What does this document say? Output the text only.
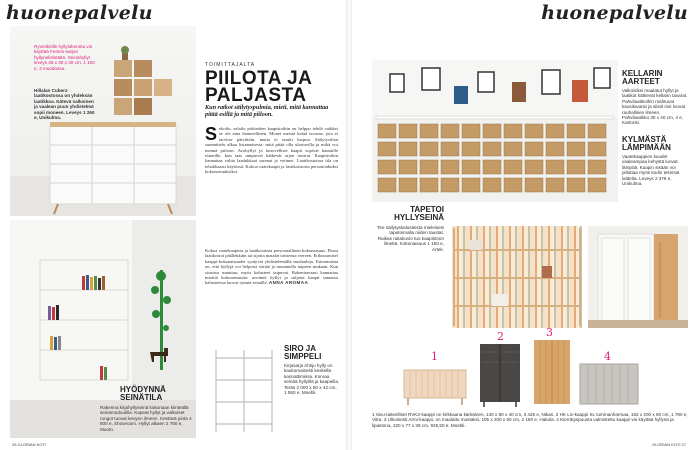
huonepalvelu	huonepalvelu
Ryvetiköille hyllylokeroita voi käyttää Femes-sarjan hyllyneliöistään. Seinähyllyt leveys 45 x 30 x 30 cm, 1 100 e, 3 muodossa.
Hillalan Cuberz-laatikostossa on yhdeksän laatikkoa. Kätevä valkoinen ja vaalean puun yhdistelmä sopii moneen. Leveys 1 260 e, Unikulma.
HYÖDYNNÄ SEINÄTILA
Rakenna kirjahyllyseinä kokonaan kiinteällä seinämoduulilla. Kapeat hyllyt ja valkoiset rungot tuovat kevyen ilmeen. Kestävä pinta 4 600 e, Showroom. Hyllyt alkaen 2 780 e, Muoto.
TOIMITTAJALTA
PIILOTA JA
PALJASTA
Kun ratkot säilytyspulmia, mieti, mitä kannattaa pitää esillä ja mitä piiloon.
Sekoilu, selailu pöitteiden kaapistoihin on helppo tehdä vaikkei se ole aina ihanteellinen. Monet meistä kerää tavaraa, jota ei tarvitse päivittäin, mutta ei raaski luopua. Säilytystilan suunnittelu alkaa listaamisesta: mitä pitää olla ulottuvilla ja mikä voi mennä piiloon. Avohyllyt ja lasiovelliset kaapit sopivat kauniille esineille, kun taas umpiovet kätkevät arjen tavarat. Kaapistoihin kannattaa valita laadukkaat saranat ja vetimet. Laatikostoissa tila on tehokkaasti käytössä. Kokoa vaatekaapit ja lastikoistosta personoiduiksi kokonaisuuksiksi.
Kokoa vaatekaapista ja laatikostosta persoonallinen kokonaisuus. Pinoa laatikostot päällekkäin tai sijoita matalat toistensa viereen. Eriksuuruiset kaappi-kokonaisuudet syntyvät yhdistelemällä moduuleja. Erinomaista on, että hyllyjä voi helposti siirtää ja muunnella tarpeen mukaan. Kun sisustus muuttuu, myös kalusteet taipuvat. Rakentaessasi kannattaa miettiä kokonaisuutta: avoimet hyllyt ja suljetut kaapit samassa kalusteessa luovat rytmiä seinälle. ANNA AROMAA
SIRO JA SIMPPELI
Kirjasarja Ahtiju hylly on kaukomaisesti keskellä kannattimissa. Korvaa seinää hyllyillä ja kaapeilla. Teräs 2 000 x 50 x 42 cm, 1 550 e, Moebli.
26 GLORIAN KOTI
KELLARIN AARTEET
Valkoisiksi maalatut hyllyt ja laatikot kätkevät kellarin tavarat. Pahvilaatikoihin mahtuvat kausitavarat ja siistit rivit luovat rauhallisen ilmeen. Pahvilaatikko 30 x 40 cm, 4 e, Kartonki.
KYLMÄSTÄ LÄMPIMÄÄN
Vaatekaappien kuudet vaaleampaa kehystä luovat lämpöä. Kaapin sisään voi piilottaa myös kodin teknisiä laitteita. Leveys 2 378 e, Unikulma.
TAPETOI HYLLYSEINÄ
Tee säilytyskalusteista mieleisesi tapetoimalla niiden taustat. Raikas raitakuvio tuo kaapistoon ilmettä. Kokonaisuus 1 150 e, Artek.
1
2	3
4
1 Sivu-taiteelliset RVK2-kaappi on kirkkaana kärkäinen, 140 x 80 x 40 cm, 3 425 e, Nikari. 2 HK Liv-kaappi XL tummanharmaa, 162 x 200 x 60 cm, 1 780 e, Vitra. 3 Ulkoisesti Armi-kaappi, on maalattu mustaksi, 105 x 200 x 60 cm, 2 160 e, Hakola. 4 Kierrätyspuusta valmistettu kaappi voi käyttää hyllynä ja lipastona, 220 x 77 x 39 cm, 935,50 e, Moebli.
GLORIAN KOTI 27
